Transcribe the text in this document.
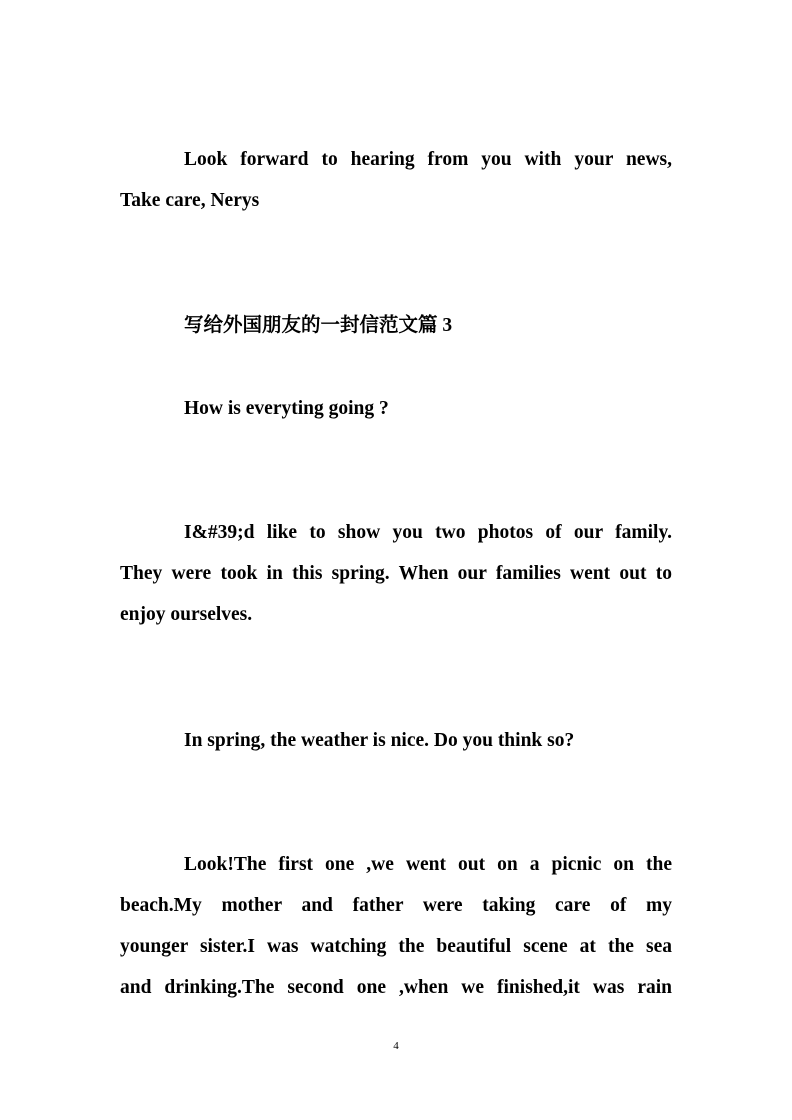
Look forward to hearing from you with your news,
Take care, Nerys

写给外国朋友的一封信范文篇 3

How is everyting going ?

I&#39;d like to show you two photos of our family.
They were took in this spring. When our families went out to
enjoy ourselves.

In spring, the weather is nice. Do you think so?

Look!The first one ,we went out on a picnic on the
beach.My mother and father were taking care of my
younger sister.I was watching the beautiful scene at the sea
and drinking.The second one ,when we finished,it was rain
4
